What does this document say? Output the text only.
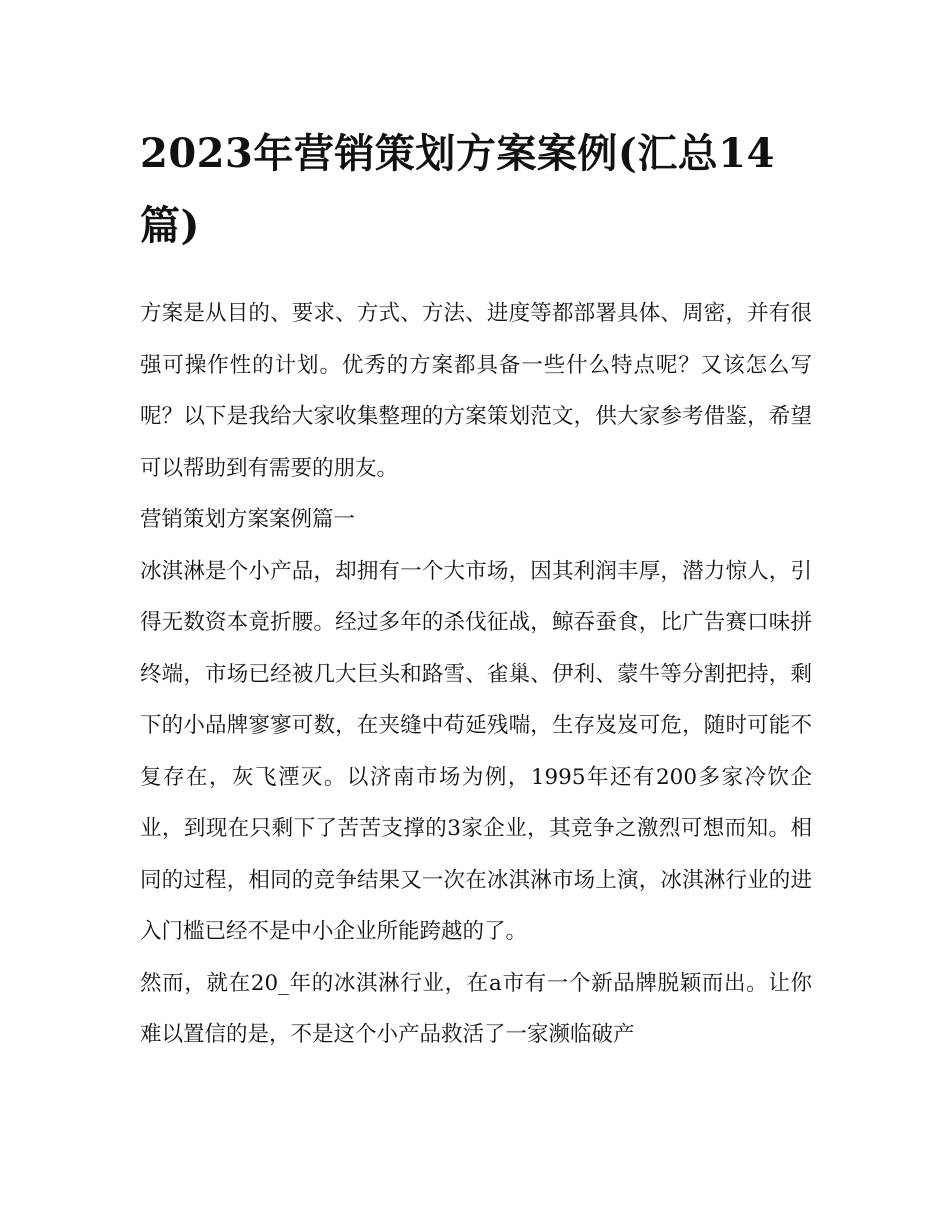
2023年营销策划方案案例(汇总14篇)

方案是从目的、要求、方式、方法、进度等都部署具体、周密，并有很强可操作性的计划。优秀的方案都具备一些什么特点呢？又该怎么写呢？以下是我给大家收集整理的方案策划范文，供大家参考借鉴，希望可以帮助到有需要的朋友。

营销策划方案案例篇一

冰淇淋是个小产品，却拥有一个大市场，因其利润丰厚，潜力惊人，引得无数资本竟折腰。经过多年的杀伐征战，鲸吞蚕食，比广告赛口味拼终端，市场已经被几大巨头和路雪、雀巢、伊利、蒙牛等分割把持，剩下的小品牌寥寥可数，在夹缝中苟延残喘，生存岌岌可危，随时可能不复存在，灰飞湮灭。以济南市场为例，1995年还有200多家冷饮企业，到现在只剩下了苦苦支撑的3家企业，其竞争之激烈可想而知。相同的过程，相同的竞争结果又一次在冰淇淋市场上演，冰淇淋行业的进入门槛已经不是中小企业所能跨越的了。

然而，就在20_年的冰淇淋行业，在a市有一个新品牌脱颖而出。让你难以置信的是，不是这个小产品救活了一家濒临破产
